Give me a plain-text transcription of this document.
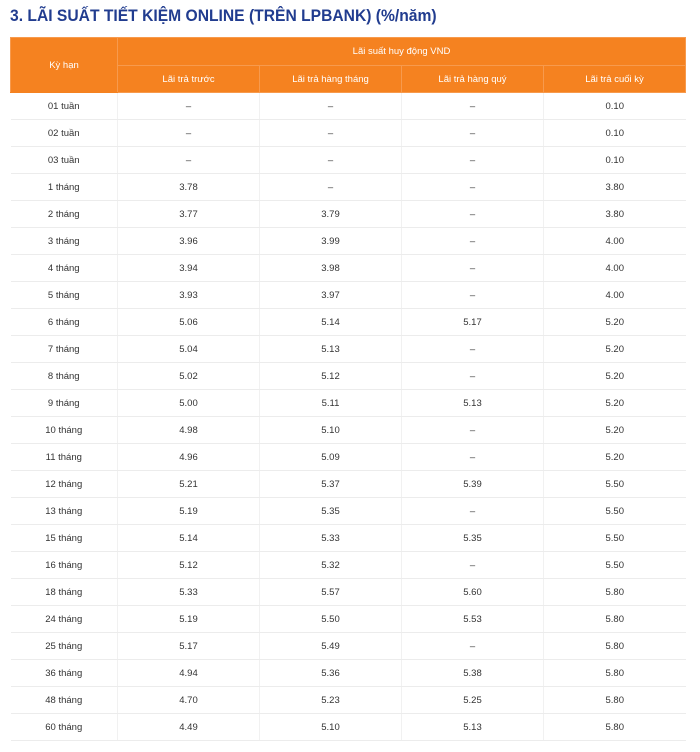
3. LÃI SUẤT TIẾT KIỆM ONLINE (TRÊN LPBANK) (%/năm)
Kỳ hạn	Lãi suất huy động VND			
	Lãi trả trước	Lãi trả hàng tháng	Lãi trả hàng quý	Lãi trả cuối kỳ
01 tuần	–	–	–	0.10
02 tuần	–	–	–	0.10
03 tuần	–	–	–	0.10
1 tháng	3.78	–	–	3.80
2 tháng	3.77	3.79	–	3.80
3 tháng	3.96	3.99	–	4.00
4 tháng	3.94	3.98	–	4.00
5 tháng	3.93	3.97	–	4.00
6 tháng	5.06	5.14	5.17	5.20
7 tháng	5.04	5.13	–	5.20
8 tháng	5.02	5.12	–	5.20
9 tháng	5.00	5.11	5.13	5.20
10 tháng	4.98	5.10	–	5.20
11 tháng	4.96	5.09	–	5.20
12 tháng	5.21	5.37	5.39	5.50
13 tháng	5.19	5.35	–	5.50
15 tháng	5.14	5.33	5.35	5.50
16 tháng	5.12	5.32	–	5.50
18 tháng	5.33	5.57	5.60	5.80
24 tháng	5.19	5.50	5.53	5.80
25 tháng	5.17	5.49	–	5.80
36 tháng	4.94	5.36	5.38	5.80
48 tháng	4.70	5.23	5.25	5.80
60 tháng	4.49	5.10	5.13	5.80
